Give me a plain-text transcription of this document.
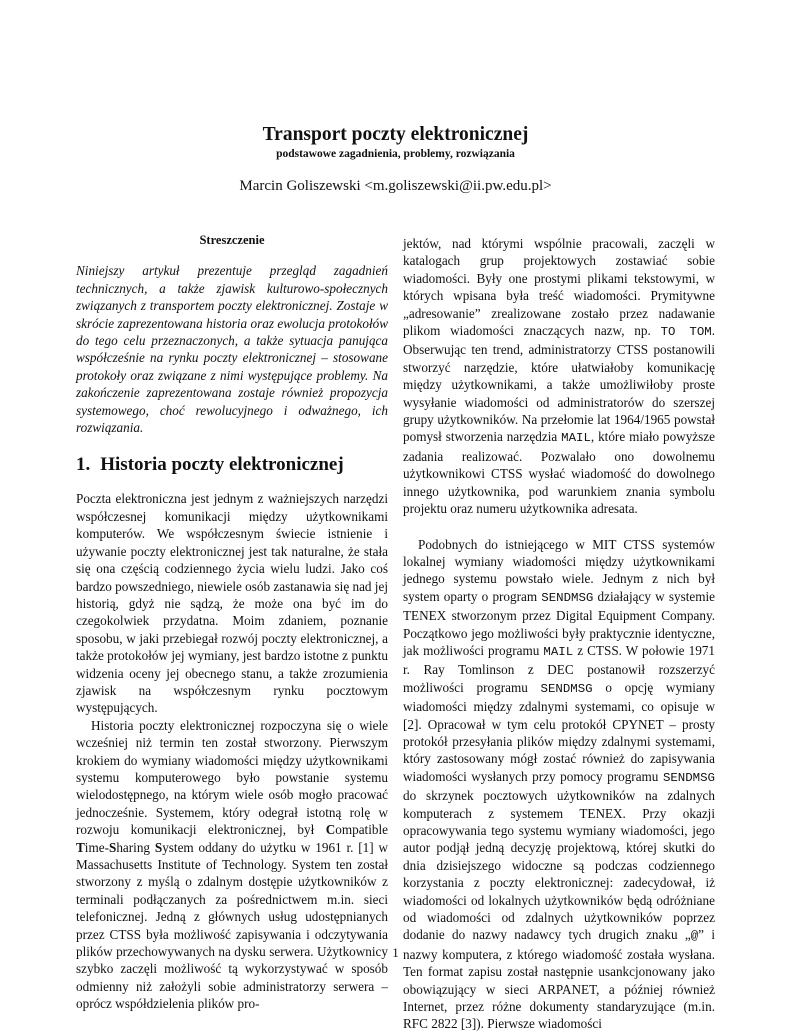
Transport poczty elektronicznej
podstawowe zagadnienia, problemy, rozwiązania
Marcin Goliszewski <m.goliszewski@ii.pw.edu.pl>
Streszczenie

Niniejszy artykuł prezentuje przegląd zagadnień technicznych, a także zjawisk kulturowo-społecznych związanych z transportem poczty elektronicznej. Zostaje w skrócie zaprezentowana historia oraz ewolucja protokołów do tego celu przeznaczonych, a także sytuacja panująca współcześnie na rynku poczty elektronicznej – stosowane protokoły oraz związane z nimi występujące problemy. Na zakończenie zaprezentowana zostaje również propozycja systemowego, choć rewolucyjnego i odważnego, ich rozwiązania.

1. Historia poczty elektronicznej

Poczta elektroniczna jest jednym z ważniejszych narzędzi współczesnej komunikacji między użytkownikami komputerów. We współczesnym świecie istnienie i używanie poczty elektronicznej jest tak naturalne, że stała się ona częścią codziennego życia wielu ludzi. Jako coś bardzo powszedniego, niewiele osób zastanawia się nad jej historią, gdyż nie sądzą, że może ona być im do czegokolwiek przydatna. Moim zdaniem, poznanie sposobu, w jaki przebiegał rozwój poczty elektronicznej, a także protokołów jej wymiany, jest bardzo istotne z punktu widzenia oceny jej obecnego stanu, a także zrozumienia zjawisk na współczesnym rynku pocztowym występujących.

Historia poczty elektronicznej rozpoczyna się o wiele wcześniej niż termin ten został stworzony. Pierwszym krokiem do wymiany wiadomości między użytkownikami systemu komputerowego było powstanie systemu wielodostępnego, na którym wiele osób mogło pracować jednocześnie. Systemem, który odegrał istotną rolę w rozwoju komunikacji elektronicznej, był Compatible Time-Sharing System oddany do użytku w 1961 r. [1] w Massachusetts Institute of Technology. System ten został stworzony z myślą o zdalnym dostępie użytkowników z terminali podłączanych za pośrednictwem m.in. sieci telefonicznej. Jedną z głównych usług udostępnianych przez CTSS była możliwość zapisywania i odczytywania plików przechowywanych na dysku serwera. Użytkownicy szybko zaczęli możliwość tą wykorzystywać w sposób odmienny niż założyli sobie administratorzy serwera – oprócz współdzielenia plików pro-

jektów, nad którymi wspólnie pracowali, zaczęli w katalogach grup projektowych zostawiać sobie wiadomości. Były one prostymi plikami tekstowymi, w których wpisana była treść wiadomości. Prymitywne „adresowanie” zrealizowane zostało przez nadawanie plikom wiadomości znaczących nazw, np. TO TOM. Obserwując ten trend, administratorzy CTSS postanowili stworzyć narzędzie, które ułatwiałoby komunikację między użytkownikami, a także umożliwiłoby proste wysyłanie wiadomości od administratorów do szerszej grupy użytkowników. Na przełomie lat 1964/1965 powstał pomysł stworzenia narzędzia MAIL, które miało powyższe zadania realizować. Pozwalało ono dowolnemu użytkownikowi CTSS wysłać wiadomość do dowolnego innego użytkownika, pod warunkiem znania symbolu projektu oraz numeru użytkownika adresata.

Podobnych do istniejącego w MIT CTSS systemów lokalnej wymiany wiadomości między użytkownikami jednego systemu powstało wiele. Jednym z nich był system oparty o program SENDMSG działający w systemie TENEX stworzonym przez Digital Equipment Company. Początkowo jego możliwości były praktycznie identyczne, jak możliwości programu MAIL z CTSS. W połowie 1971 r. Ray Tomlinson z DEC postanowił rozszerzyć możliwości programu SENDMSG o opcję wymiany wiadomości między zdalnymi systemami, co opisuje w [2]. Opracował w tym celu protokół CPYNET – prosty protokół przesyłania plików między zdalnymi systemami, który zastosowany mógł zostać również do zapisywania wiadomości wysłanych przy pomocy programu SENDMSG do skrzynek pocztowych użytkowników na zdalnych komputerach z systemem TENEX. Przy okazji opracowywania tego systemu wymiany wiadomości, jego autor podjął jedną decyzję projektową, której skutki do dnia dzisiejszego widoczne są podczas codziennego korzystania z poczty elektronicznej: zadecydował, iż wiadomości od lokalnych użytkowników będą odróżniane od wiadomości od zdalnych użytkowników poprzez dodanie do nazwy nadawcy tych drugich znaku „@” i nazwy komputera, z którego wiadomość została wysłana. Ten format zapisu został następnie usankcjonowany jako obowiązujący w sieci ARPANET, a później również Internet, przez różne dokumenty standaryzujące (m.in. RFC 2822 [3]). Pierwsze wiadomości

1
